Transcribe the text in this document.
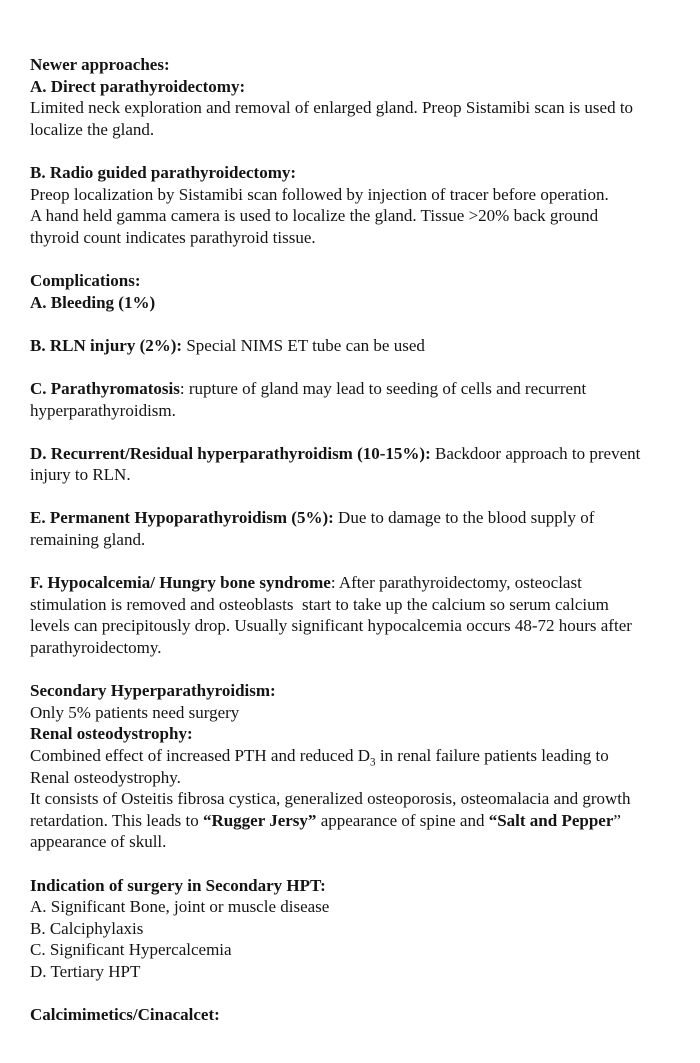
Newer approaches:
A. Direct parathyroidectomy:
Limited neck exploration and removal of enlarged gland. Preop Sistamibi scan is used to
localize the gland.
B. Radio guided parathyroidectomy:
Preop localization by Sistamibi scan followed by injection of tracer before operation.
A hand held gamma camera is used to localize the gland. Tissue >20% back ground
thyroid count indicates parathyroid tissue.
Complications:
A. Bleeding (1%)
B. RLN injury (2%): Special NIMS ET tube can be used
C. Parathyromatosis: rupture of gland may lead to seeding of cells and recurrent
hyperparathyroidism.
D. Recurrent/Residual hyperparathyroidism (10-15%): Backdoor approach to prevent
injury to RLN.
E. Permanent Hypoparathyroidism (5%): Due to damage to the blood supply of
remaining gland.
F. Hypocalcemia/ Hungry bone syndrome: After parathyroidectomy, osteoclast
stimulation is removed and osteoblasts  start to take up the calcium so serum calcium
levels can precipitously drop. Usually significant hypocalcemia occurs 48-72 hours after
parathyroidectomy.
Secondary Hyperparathyroidism:
Only 5% patients need surgery
Renal osteodystrophy:
Combined effect of increased PTH and reduced $D_3$ in renal failure patients leading to
Renal osteodystrophy.
It consists of Osteitis fibrosa cystica, generalized osteoporosis, osteomalacia and growth
retardation. This leads to “Rugger Jersy” appearance of spine and “Salt and Pepper”
appearance of skull.
Indication of surgery in Secondary HPT:
A. Significant Bone, joint or muscle disease
B. Calciphylaxis
C. Significant Hypercalcemia
D. Tertiary HPT
Calcimimetics/Cinacalcet:
